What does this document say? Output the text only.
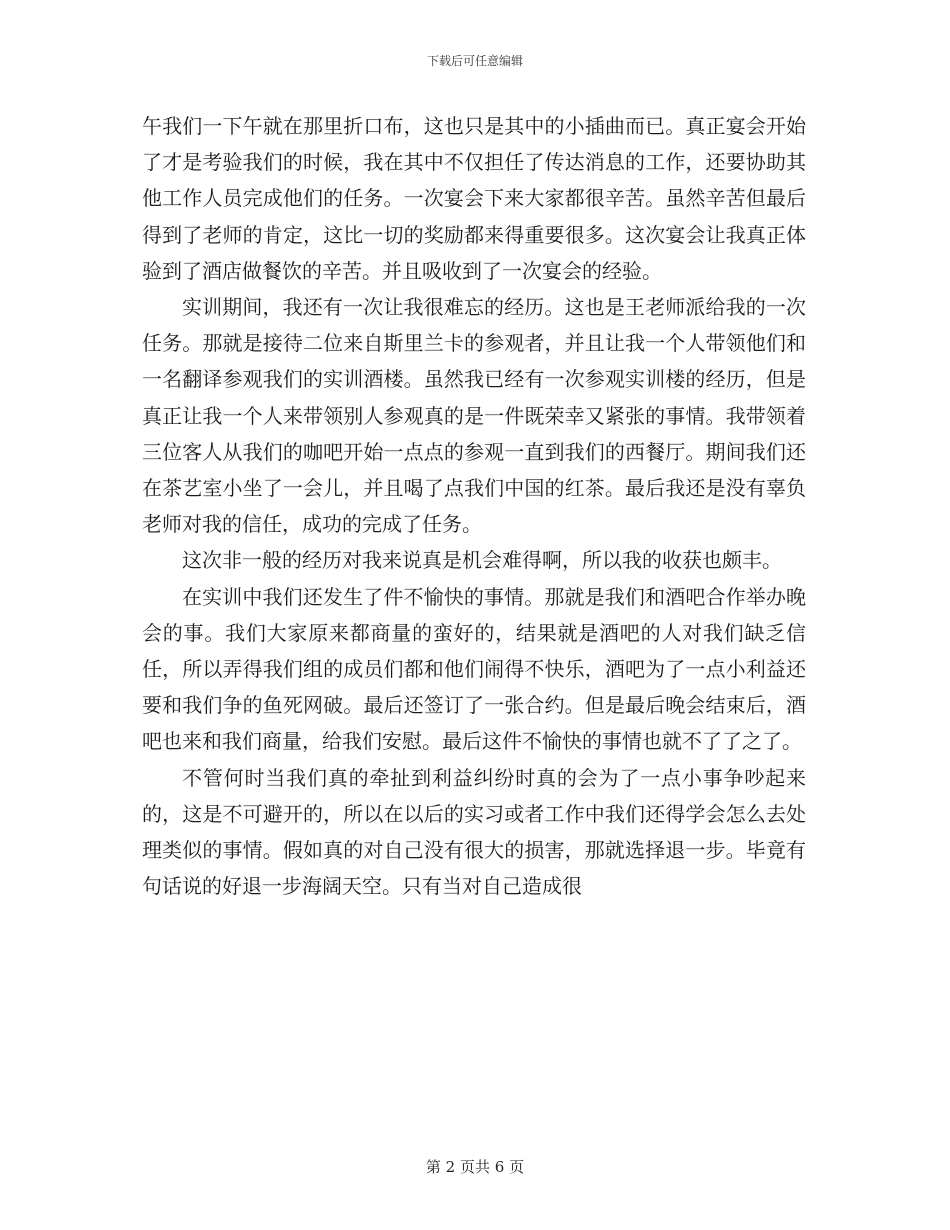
下载后可任意编辑

午我们一下午就在那里折口布，这也只是其中的小插曲而已。真正宴会开始了才是考验我们的时候，我在其中不仅担任了传达消息的工作，还要协助其他工作人员完成他们的任务。一次宴会下来大家都很辛苦。虽然辛苦但最后得到了老师的肯定，这比一切的奖励都来得重要很多。这次宴会让我真正体验到了酒店做餐饮的辛苦。并且吸收到了一次宴会的经验。

实训期间，我还有一次让我很难忘的经历。这也是王老师派给我的一次任务。那就是接待二位来自斯里兰卡的参观者，并且让我一个人带领他们和一名翻译参观我们的实训酒楼。虽然我已经有一次参观实训楼的经历，但是真正让我一个人来带领别人参观真的是一件既荣幸又紧张的事情。我带领着三位客人从我们的咖吧开始一点点的参观一直到我们的西餐厅。期间我们还在茶艺室小坐了一会儿，并且喝了点我们中国的红茶。最后我还是没有辜负老师对我的信任，成功的完成了任务。

这次非一般的经历对我来说真是机会难得啊，所以我的收获也颇丰。

在实训中我们还发生了件不愉快的事情。那就是我们和酒吧合作举办晚会的事。我们大家原来都商量的蛮好的，结果就是酒吧的人对我们缺乏信任，所以弄得我们组的成员们都和他们闹得不快乐，酒吧为了一点小利益还要和我们争的鱼死网破。最后还签订了一张合约。但是最后晚会结束后，酒吧也来和我们商量，给我们安慰。最后这件不愉快的事情也就不了了之了。

不管何时当我们真的牵扯到利益纠纷时真的会为了一点小事争吵起来的，这是不可避开的，所以在以后的实习或者工作中我们还得学会怎么去处理类似的事情。假如真的对自己没有很大的损害，那就选择退一步。毕竟有句话说的好退一步海阔天空。只有当对自己造成很

第 2 页共 6 页
